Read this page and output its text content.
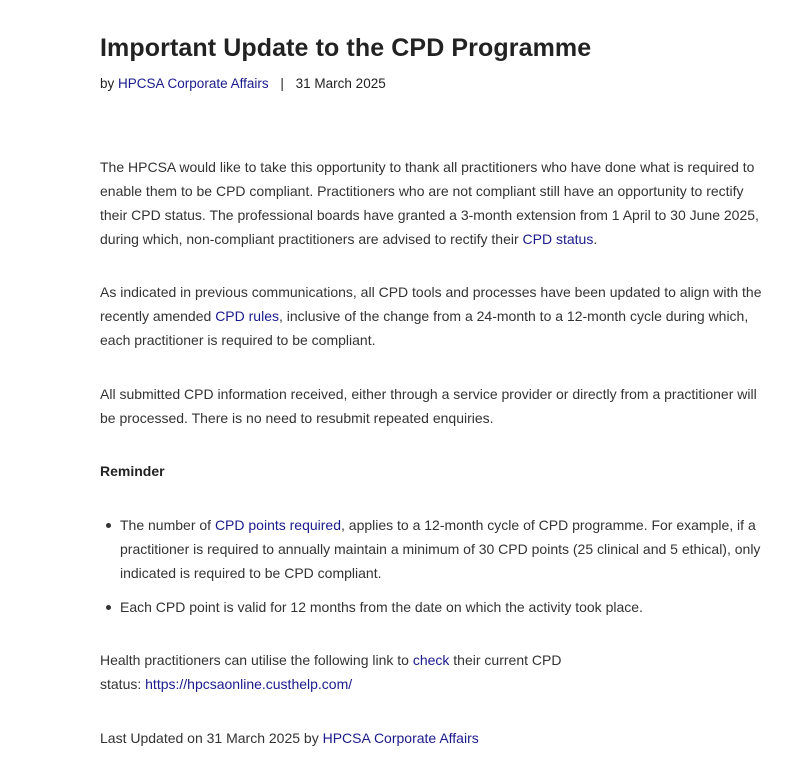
Important Update to the CPD Programme
by HPCSA Corporate Affairs | 31 March 2025

The HPCSA would like to take this opportunity to thank all practitioners who have done what is required to enable them to be CPD compliant. Practitioners who are not compliant still have an opportunity to rectify their CPD status. The professional boards have granted a 3-month extension from 1 April to 30 June 2025, during which, non-compliant practitioners are advised to rectify their CPD status.

As indicated in previous communications, all CPD tools and processes have been updated to align with the recently amended CPD rules, inclusive of the change from a 24-month to a 12-month cycle during which, each practitioner is required to be compliant.

All submitted CPD information received, either through a service provider or directly from a practitioner will be processed. There is no need to resubmit repeated enquiries.

Reminder
The number of CPD points required, applies to a 12-month cycle of CPD programme. For example, if a practitioner is required to annually maintain a minimum of 30 CPD points (25 clinical and 5 ethical), only indicated is required to be CPD compliant.
Each CPD point is valid for 12 months from the date on which the activity took place.

Health practitioners can utilise the following link to check their current CPD
status: https://hpcsaonline.custhelp.com/

Last Updated on 31 March 2025 by HPCSA Corporate Affairs
